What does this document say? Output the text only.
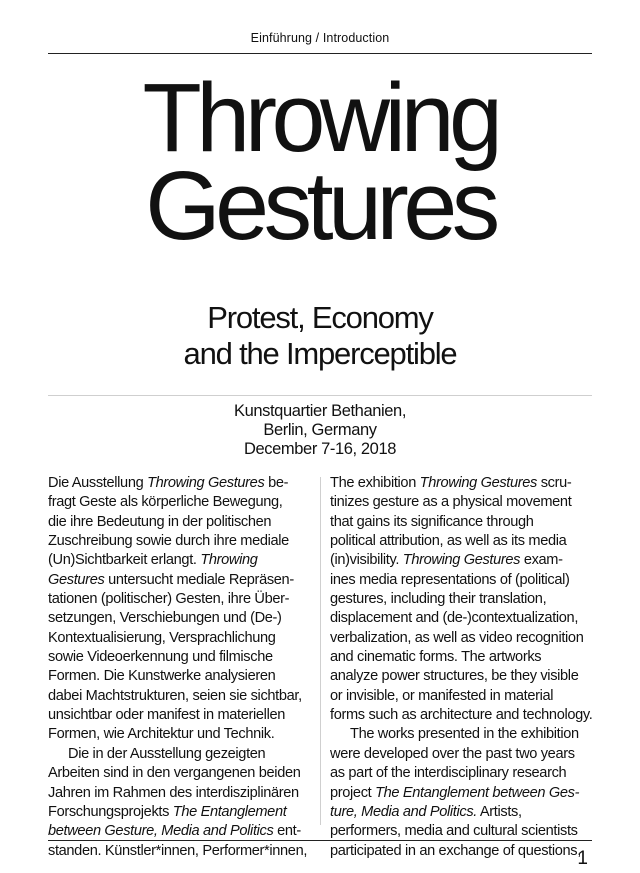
Einführung / Introduction
Throwing
Gestures
Protest, Economy
and the Imperceptible
Kunstquartier Bethanien,
Berlin, Germany
December 7-16, 2018
Die Ausstellung Throwing Gestures be-
fragt Geste als körperliche Bewegung,
die ihre Bedeutung in der politischen
Zuschreibung sowie durch ihre mediale
(Un)Sichtbarkeit erlangt. Throwing
Gestures untersucht mediale Repräsen-
tationen (politischer) Gesten, ihre Über-
setzungen, Verschiebungen und (De-)
Kontextualisierung, Versprachlichung
sowie Videoerkennung und filmische
Formen. Die Kunstwerke analysieren
dabei Machtstrukturen, seien sie sichtbar,
unsichtbar oder manifest in materiellen
Formen, wie Architektur und Technik.
Die in der Ausstellung gezeigten
Arbeiten sind in den vergangenen beiden
Jahren im Rahmen des interdisziplinären
Forschungsprojekts The Entanglement
between Gesture, Media and Politics ent-
standen. Künstler*innen, Performer*innen,
The exhibition Throwing Gestures scru-
tinizes gesture as a physical movement
that gains its significance through
political attribution, as well as its media
(in)visibility. Throwing Gestures exam-
ines media representations of (political)
gestures, including their translation,
displacement and (de-)contextualization,
verbalization, as well as video recognition
and cinematic forms. The artworks
analyze power structures, be they visible
or invisible, or manifested in material
forms such as architecture and technology.
The works presented in the exhibition
were developed over the past two years
as part of the interdisciplinary research
project The Entanglement between Ges-
ture, Media and Politics. Artists,
performers, media and cultural scientists
participated in an exchange of questions,
1
